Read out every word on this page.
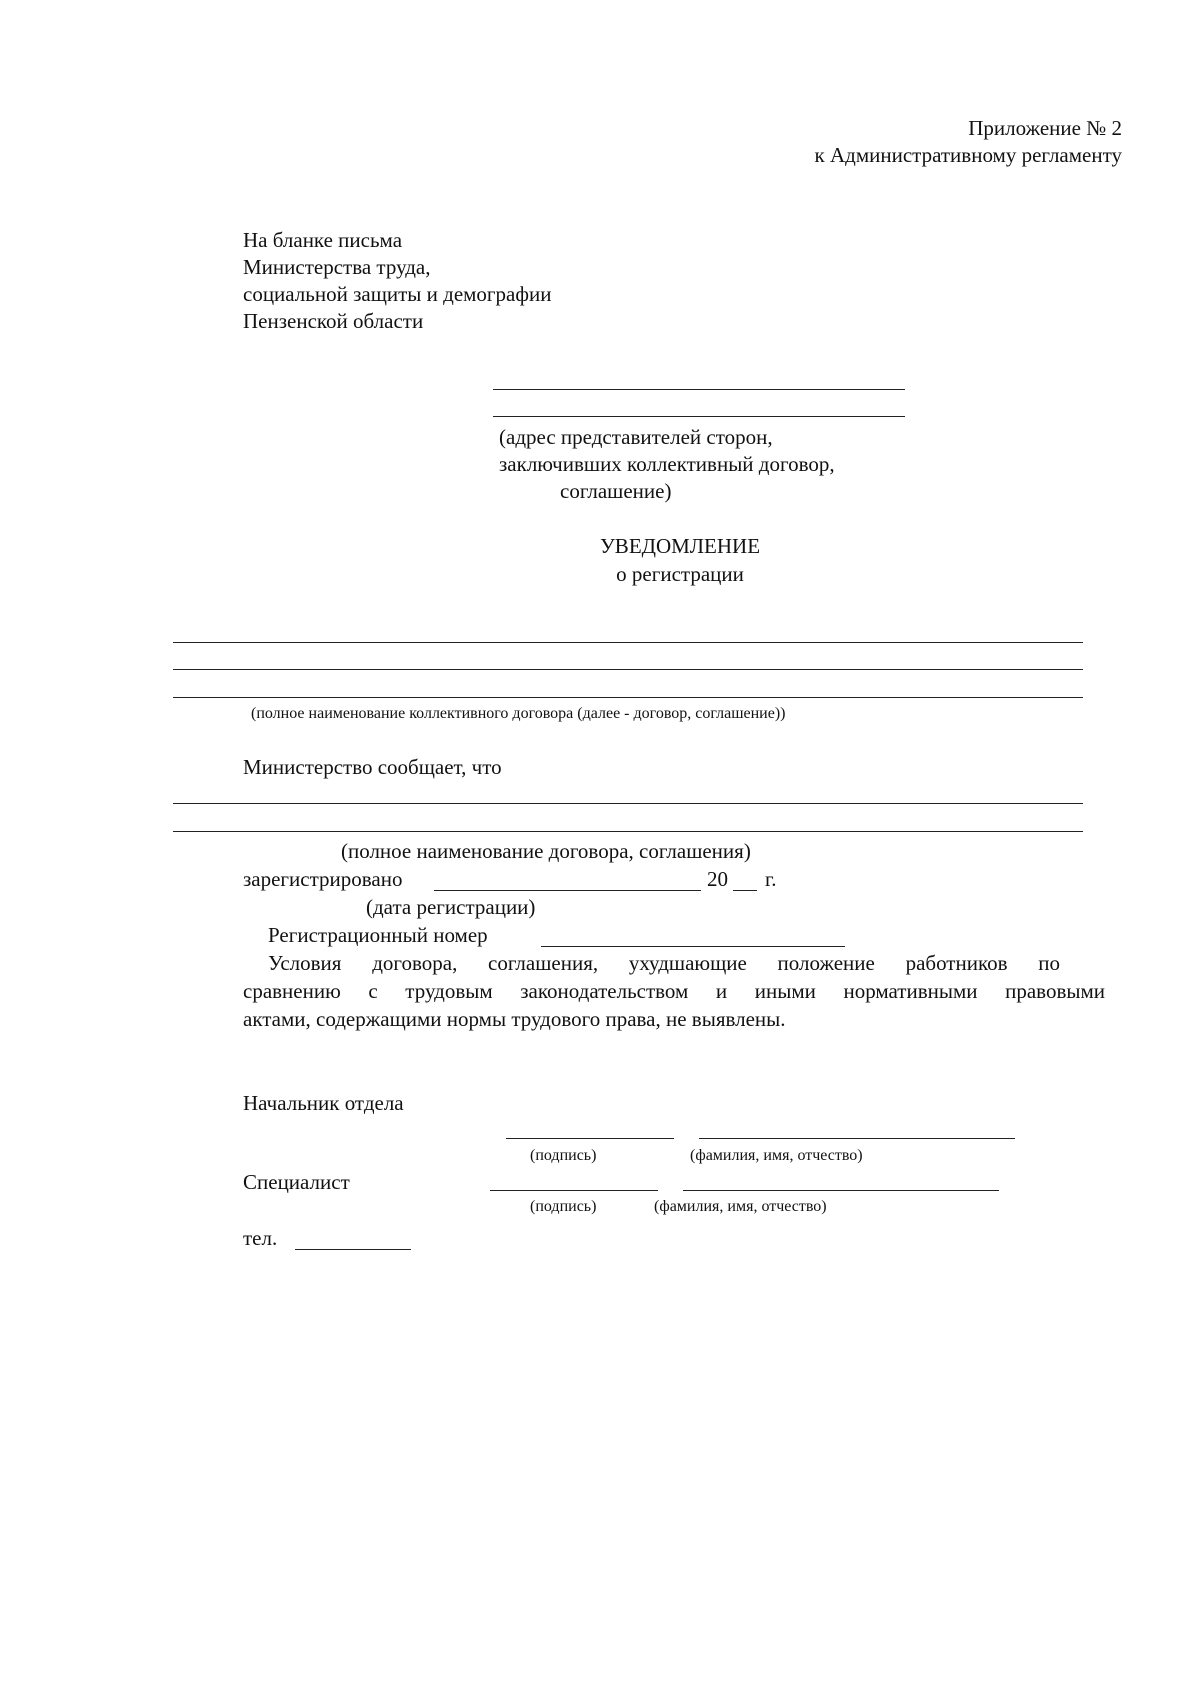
Приложение № 2
к Административному регламенту
На бланке письма
Министерства труда,
социальной защиты и демографии
Пензенской области
(адрес представителей сторон,
заключивших коллективный договор,
соглашение)
УВЕДОМЛЕНИЕ
о регистрации
(полное наименование коллективного договора (далее - договор, соглашение))
Министерство сообщает, что
(полное наименование договора, соглашения)
зарегистрировано	20 г.
(дата регистрации)
Регистрационный номер
Условия договора, соглашения, ухудшающие положение работников по
сравнению с трудовым законодательством и иными нормативными правовыми
актами, содержащими нормы трудового права, не выявлены.
Начальник отдела
(подпись)	(фамилия, имя, отчество)
Специалист
(подпись)	(фамилия, имя, отчество)
тел.
